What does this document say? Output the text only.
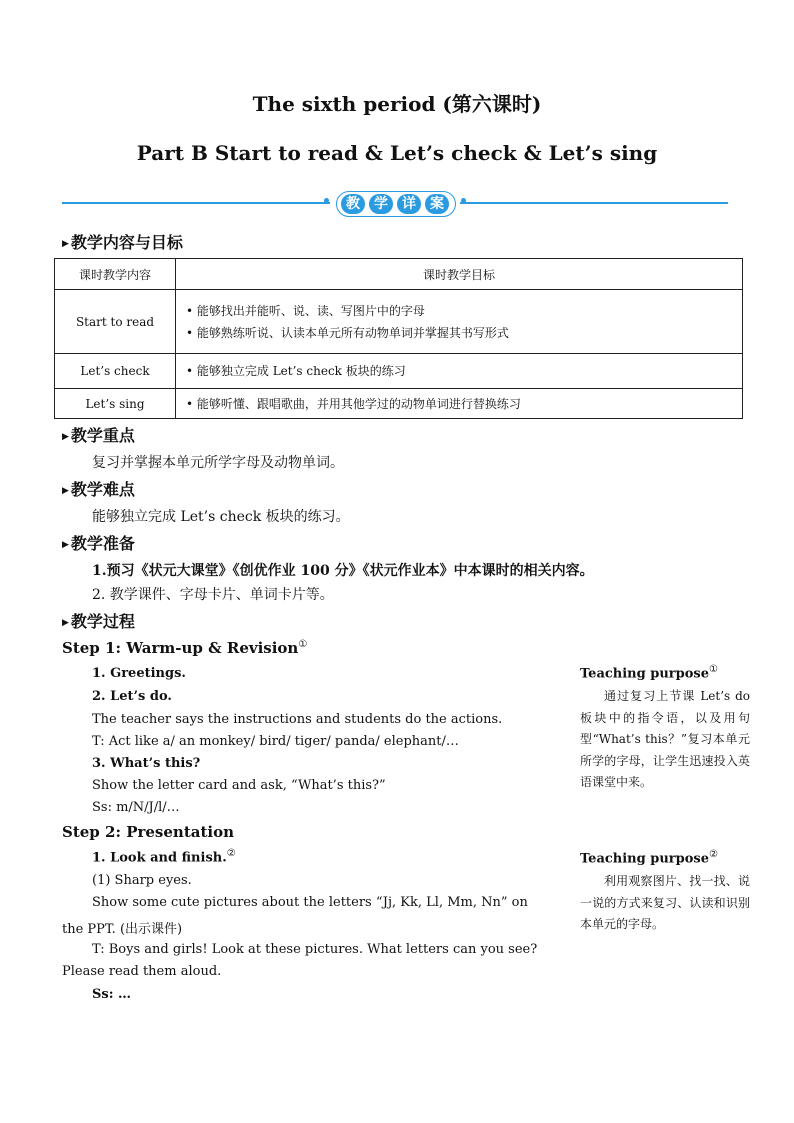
The sixth period (第六课时)
Part B Start to read & Let’s check & Let’s sing
教	学	详	案
▶ 教学内容与目标
课时教学内容	课时教学目标
Start to read	• 能够找出并能听、说、读、写图片中的字母
• 能够熟练听说、认读本单元所有动物单词并掌握其书写形式

Let’s check	• 能够独立完成 Let’s check 板块的练习

Let’s sing	• 能够听懂、跟唱歌曲，并用其他学过的动物单词进行替换练习
▶ 教学重点
复习并掌握本单元所学字母及动物单词。
▶ 教学难点
能够独立完成 Let’s check 板块的练习。
▶ 教学准备
1.预习《状元大课堂》《创优作业 100 分》《状元作业本》中本课时的相关内容。
2. 教学课件、字母卡片、单词卡片等。
▶ 教学过程
Step 1: Warm-up & Revision①
1. Greetings.
2. Let’s do.
The teacher says the instructions and students do the actions.
T: Act like a/ an monkey/ bird/ tiger/ panda/ elephant/…
3. What’s this?
Show the letter card and ask, “What’s this?”
Ss: m/N/J/l/…
Step 2: Presentation
1. Look and finish.②
(1) Sharp eyes.
Show some cute pictures about the letters “Jj, Kk, Ll, Mm, Nn” on
the PPT. (出示课件)
T: Boys and girls! Look at these pictures. What letters can you see?
Please read them aloud.
Ss: …
Teaching purpose①
通过复习上节课 Let’s do 板块中的指令语，以及用句型“What’s this？”复习本单元所学的字母，让学生迅速投入英语课堂中来。
Teaching purpose②
利用观察图片、找一找、说一说的方式来复习、认读和识别本单元的字母。
